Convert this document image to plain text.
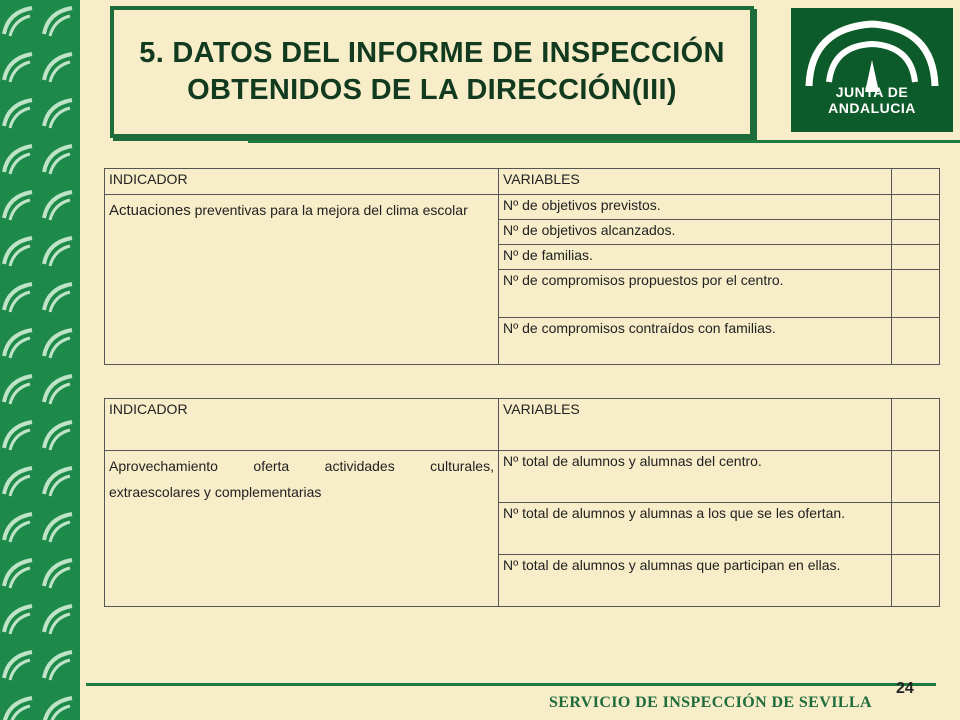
5. DATOS DEL INFORME DE INSPECCIÓN OBTENIDOS DE LA DIRECCIÓN(III)	JUNTA DE ANDALUCIA
INDICADOR	VARIABLES	
Actuaciones preventivas para la mejora del clima escolar	Nº de objetivos previstos.	
	Nº de objetivos alcanzados.	
	Nº de familias.	
	Nº de compromisos propuestos por el centro.	
	Nº de compromisos contraídos con familias.	
INDICADOR	VARIABLES	
Aprovechamiento oferta actividades culturales, extraescolares y complementarias	Nº total de alumnos y alumnas del centro.	
	Nº total de alumnos y alumnas a los que se les ofertan.	
	Nº total de alumnos y alumnas que participan en ellas.	
24
SERVICIO DE INSPECCIÓN DE SEVILLA
